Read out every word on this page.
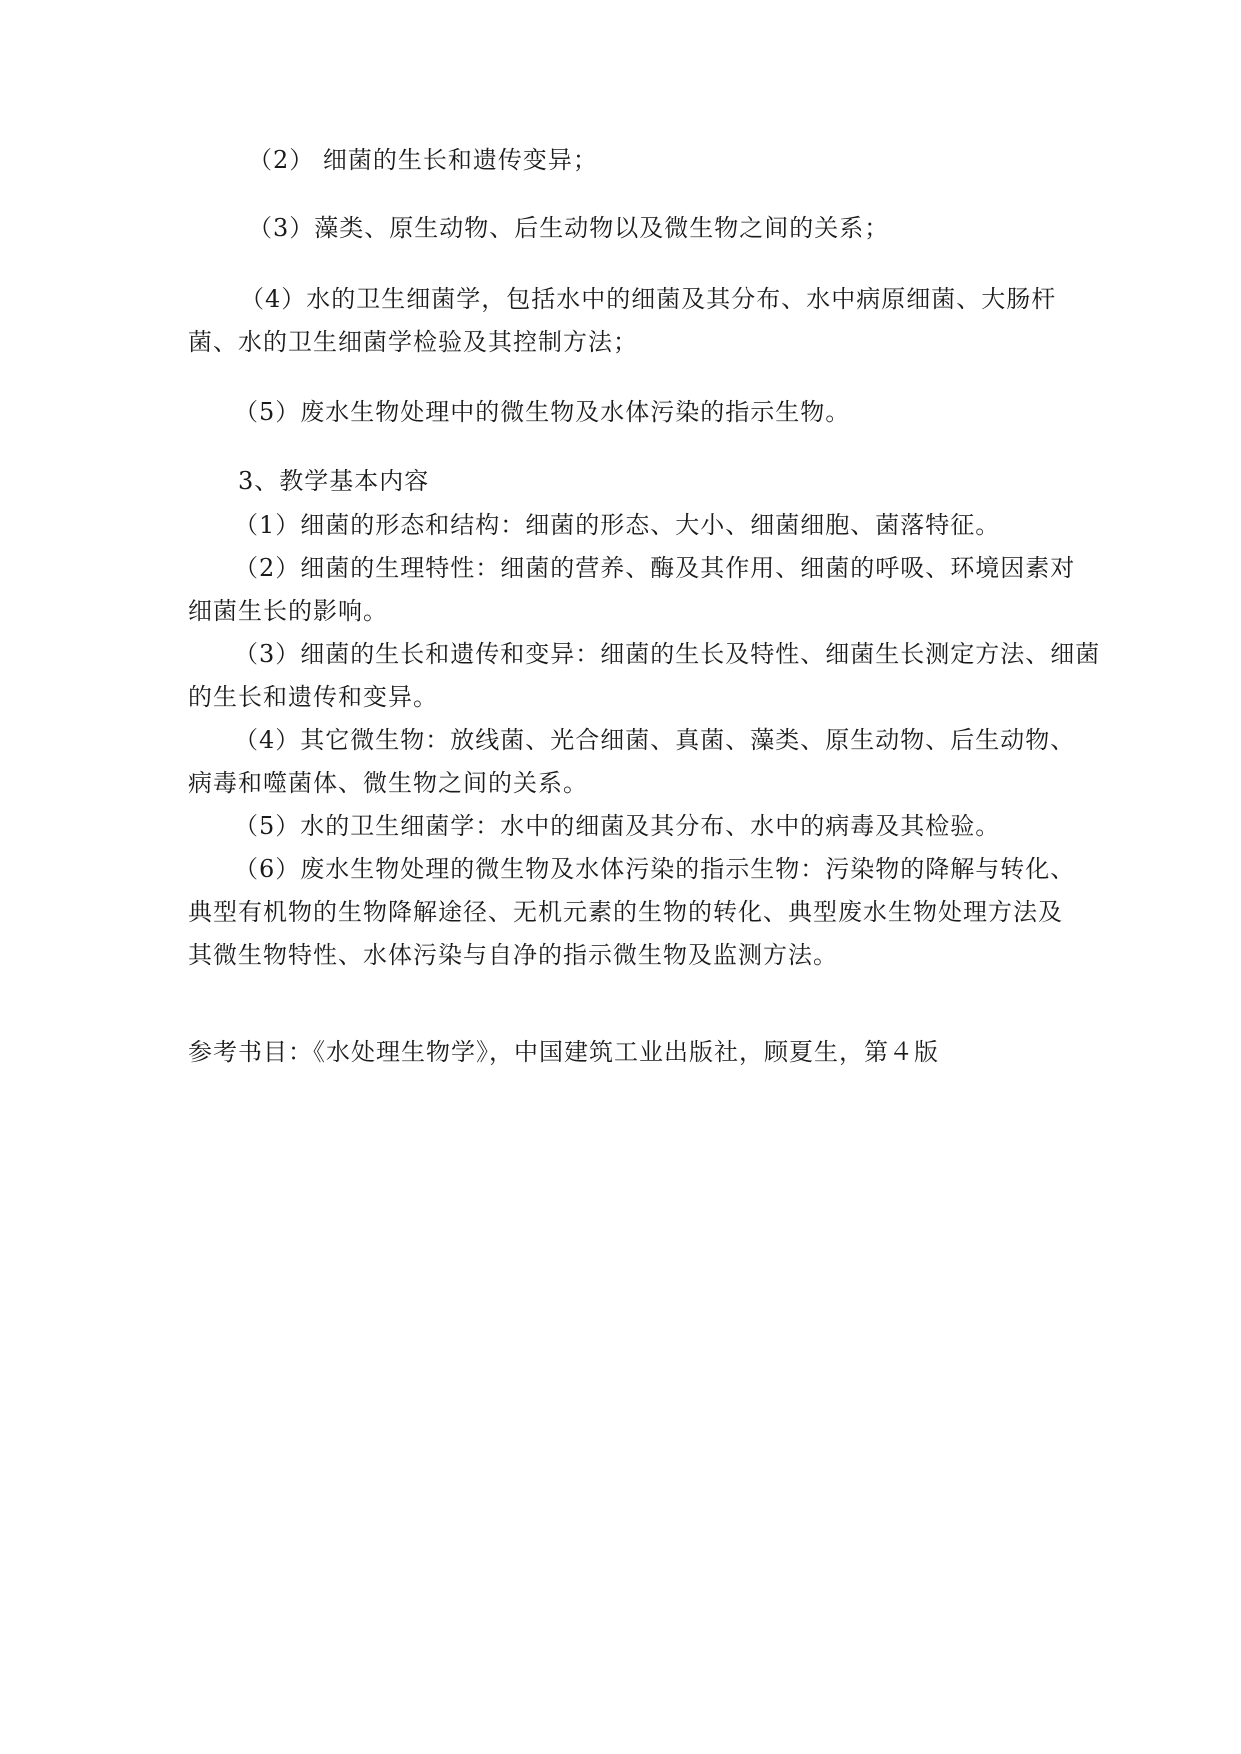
（2） 细菌的生长和遗传变异；
（3）藻类、原生动物、后生动物以及微生物之间的关系；
（4）水的卫生细菌学，包括水中的细菌及其分布、水中病原细菌、大肠杆
菌、水的卫生细菌学检验及其控制方法；
（5）废水生物处理中的微生物及水体污染的指示生物。
3、教学基本内容
（1）细菌的形态和结构：细菌的形态、大小、细菌细胞、菌落特征。
（2）细菌的生理特性：细菌的营养、酶及其作用、细菌的呼吸、环境因素对
细菌生长的影响。
（3）细菌的生长和遗传和变异：细菌的生长及特性、细菌生长测定方法、细菌
的生长和遗传和变异。
（4）其它微生物：放线菌、光合细菌、真菌、藻类、原生动物、后生动物、
病毒和噬菌体、微生物之间的关系。
（5）水的卫生细菌学：水中的细菌及其分布、水中的病毒及其检验。
（6）废水生物处理的微生物及水体污染的指示生物：污染物的降解与转化、
典型有机物的生物降解途径、无机元素的生物的转化、典型废水生物处理方法及
其微生物特性、水体污染与自净的指示微生物及监测方法。
参考书目：《水处理生物学》，中国建筑工业出版社，顾夏生，第４版
